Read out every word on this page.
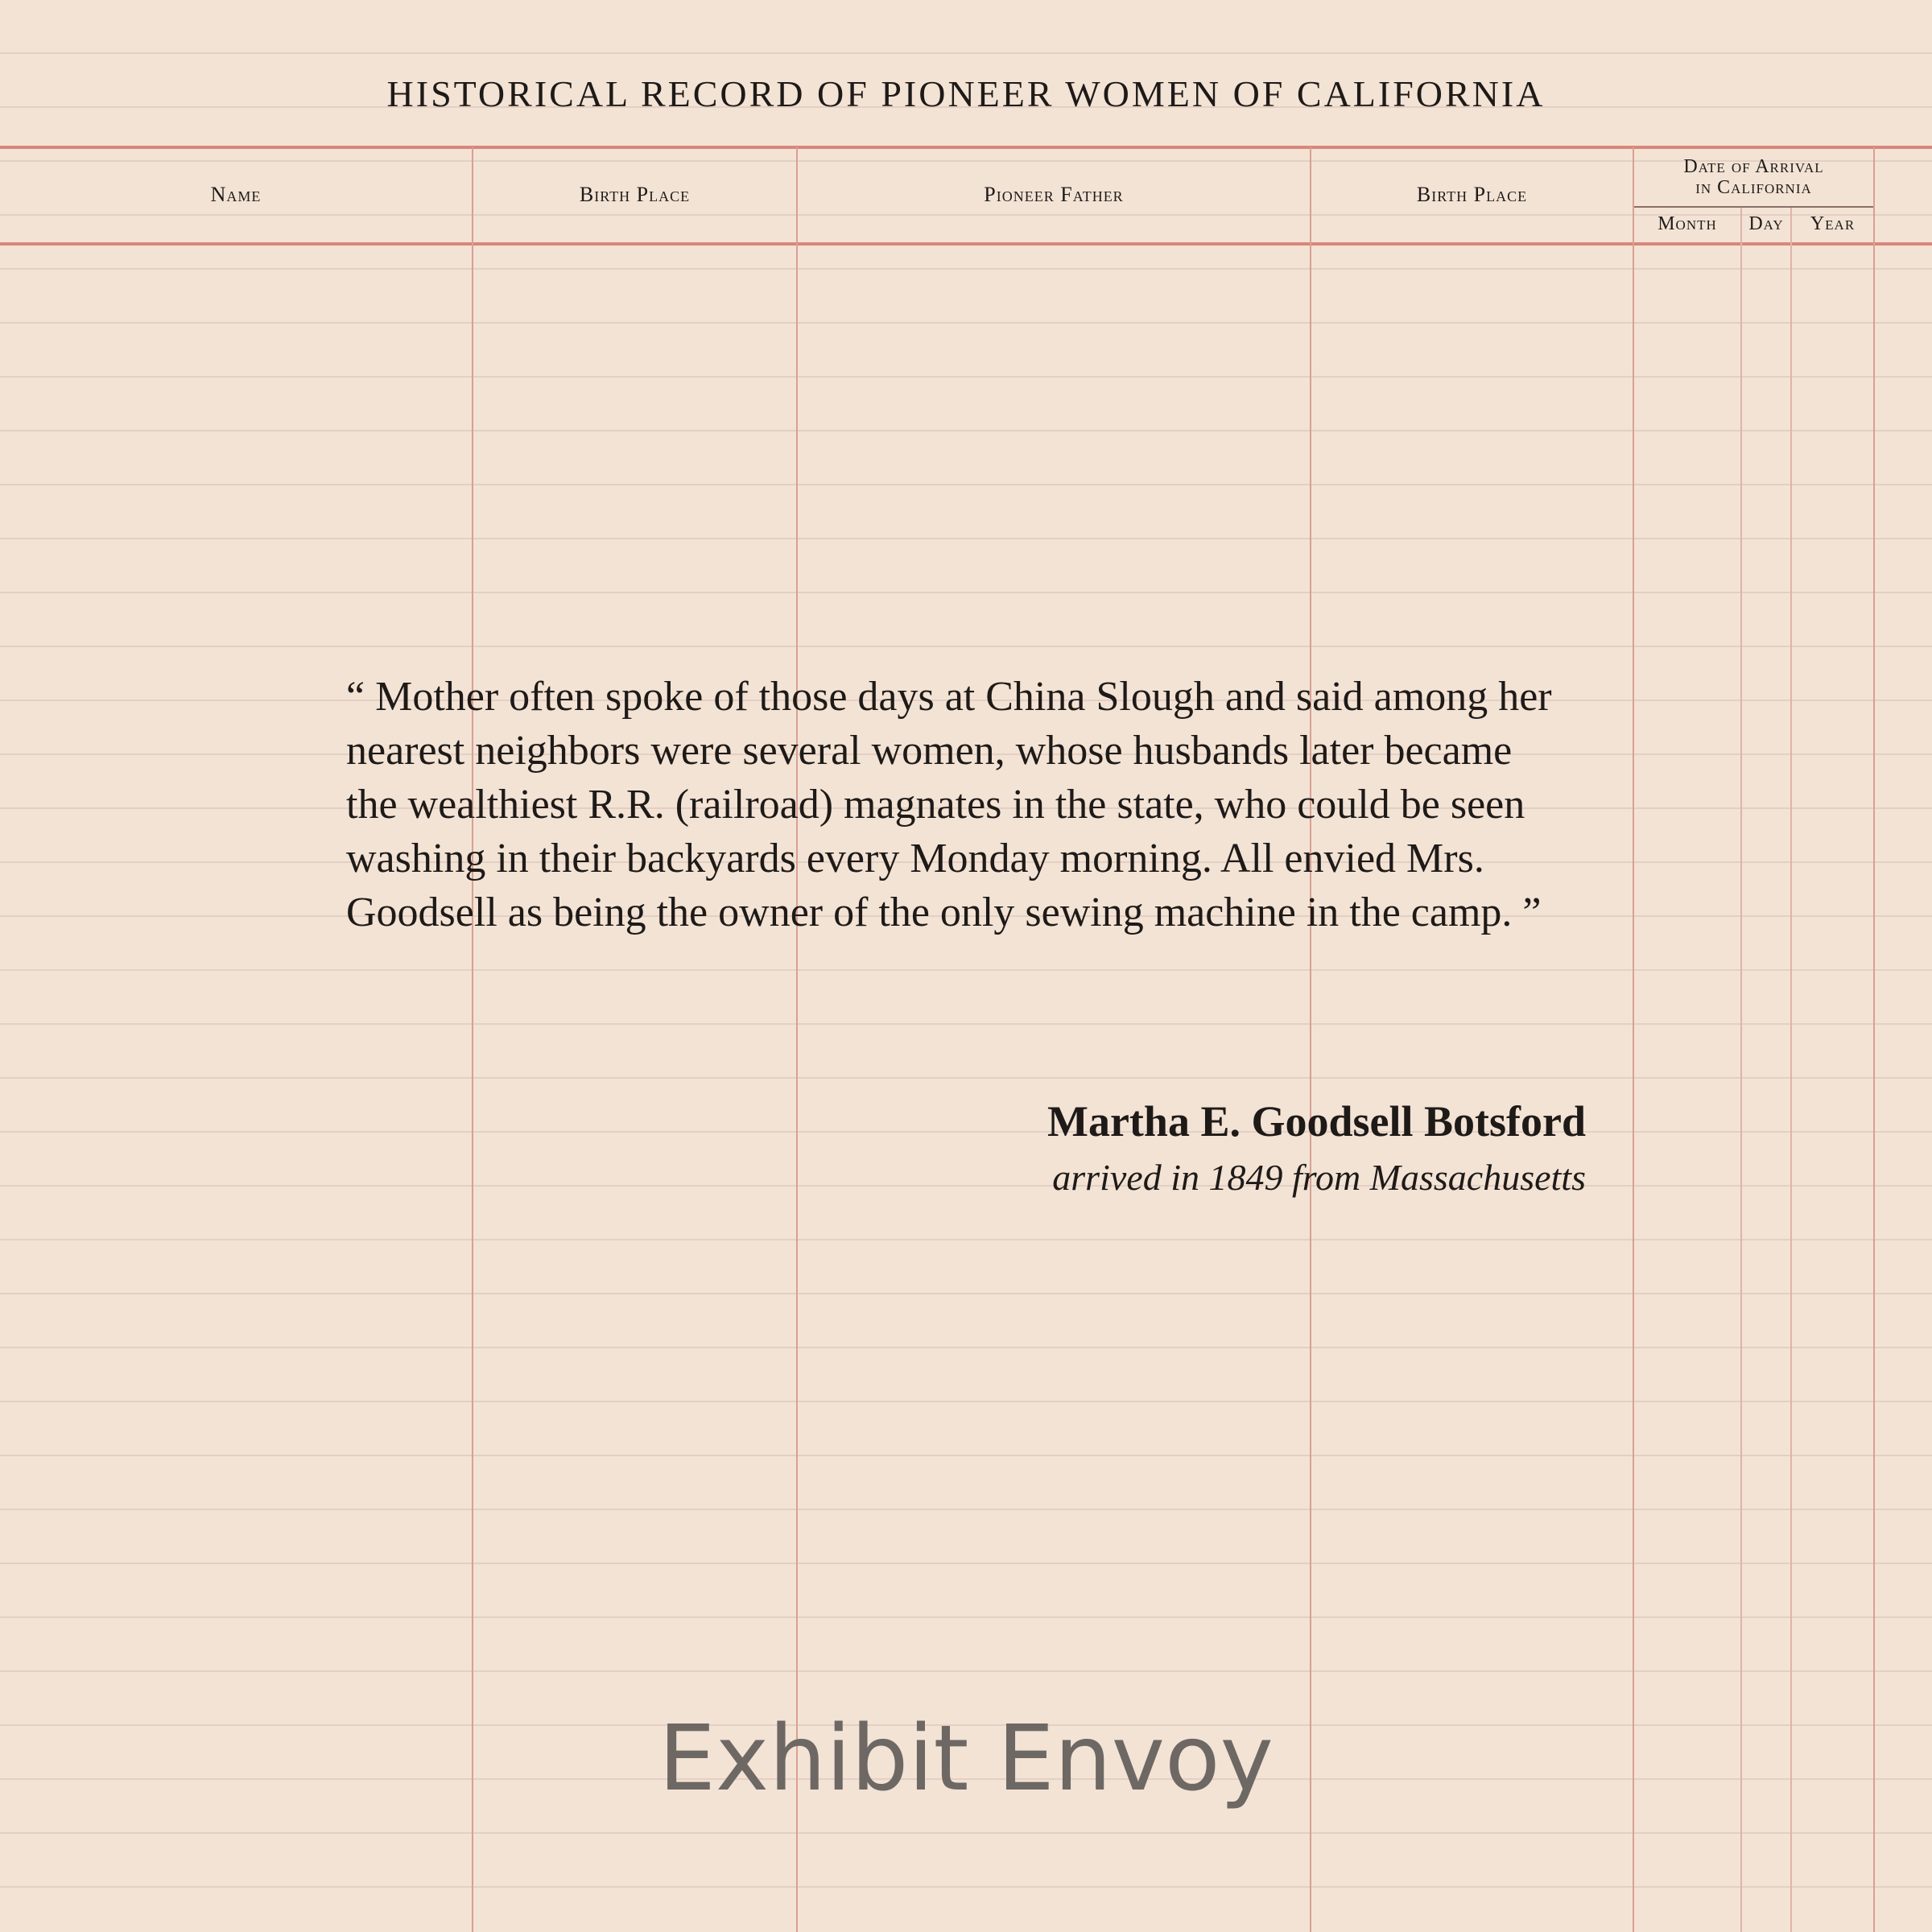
HISTORICAL RECORD OF PIONEER WOMEN OF CALIFORNIA
Name	Birth Place	Pioneer Father	Birth Place
Date of Arrival
in California
Month	Day	Year
“ Mother often spoke of those days at China Slough and said among her nearest neighbors were several women, whose husbands later became the wealthiest R.R. (railroad) magnates in the state, who could be seen washing in their backyards every Monday morning. All envied Mrs. Goodsell as being the owner of the only sewing machine in the camp. ”
Martha E. Goodsell Botsford
arrived in 1849 from Massachusetts
Exhibit Envoy
